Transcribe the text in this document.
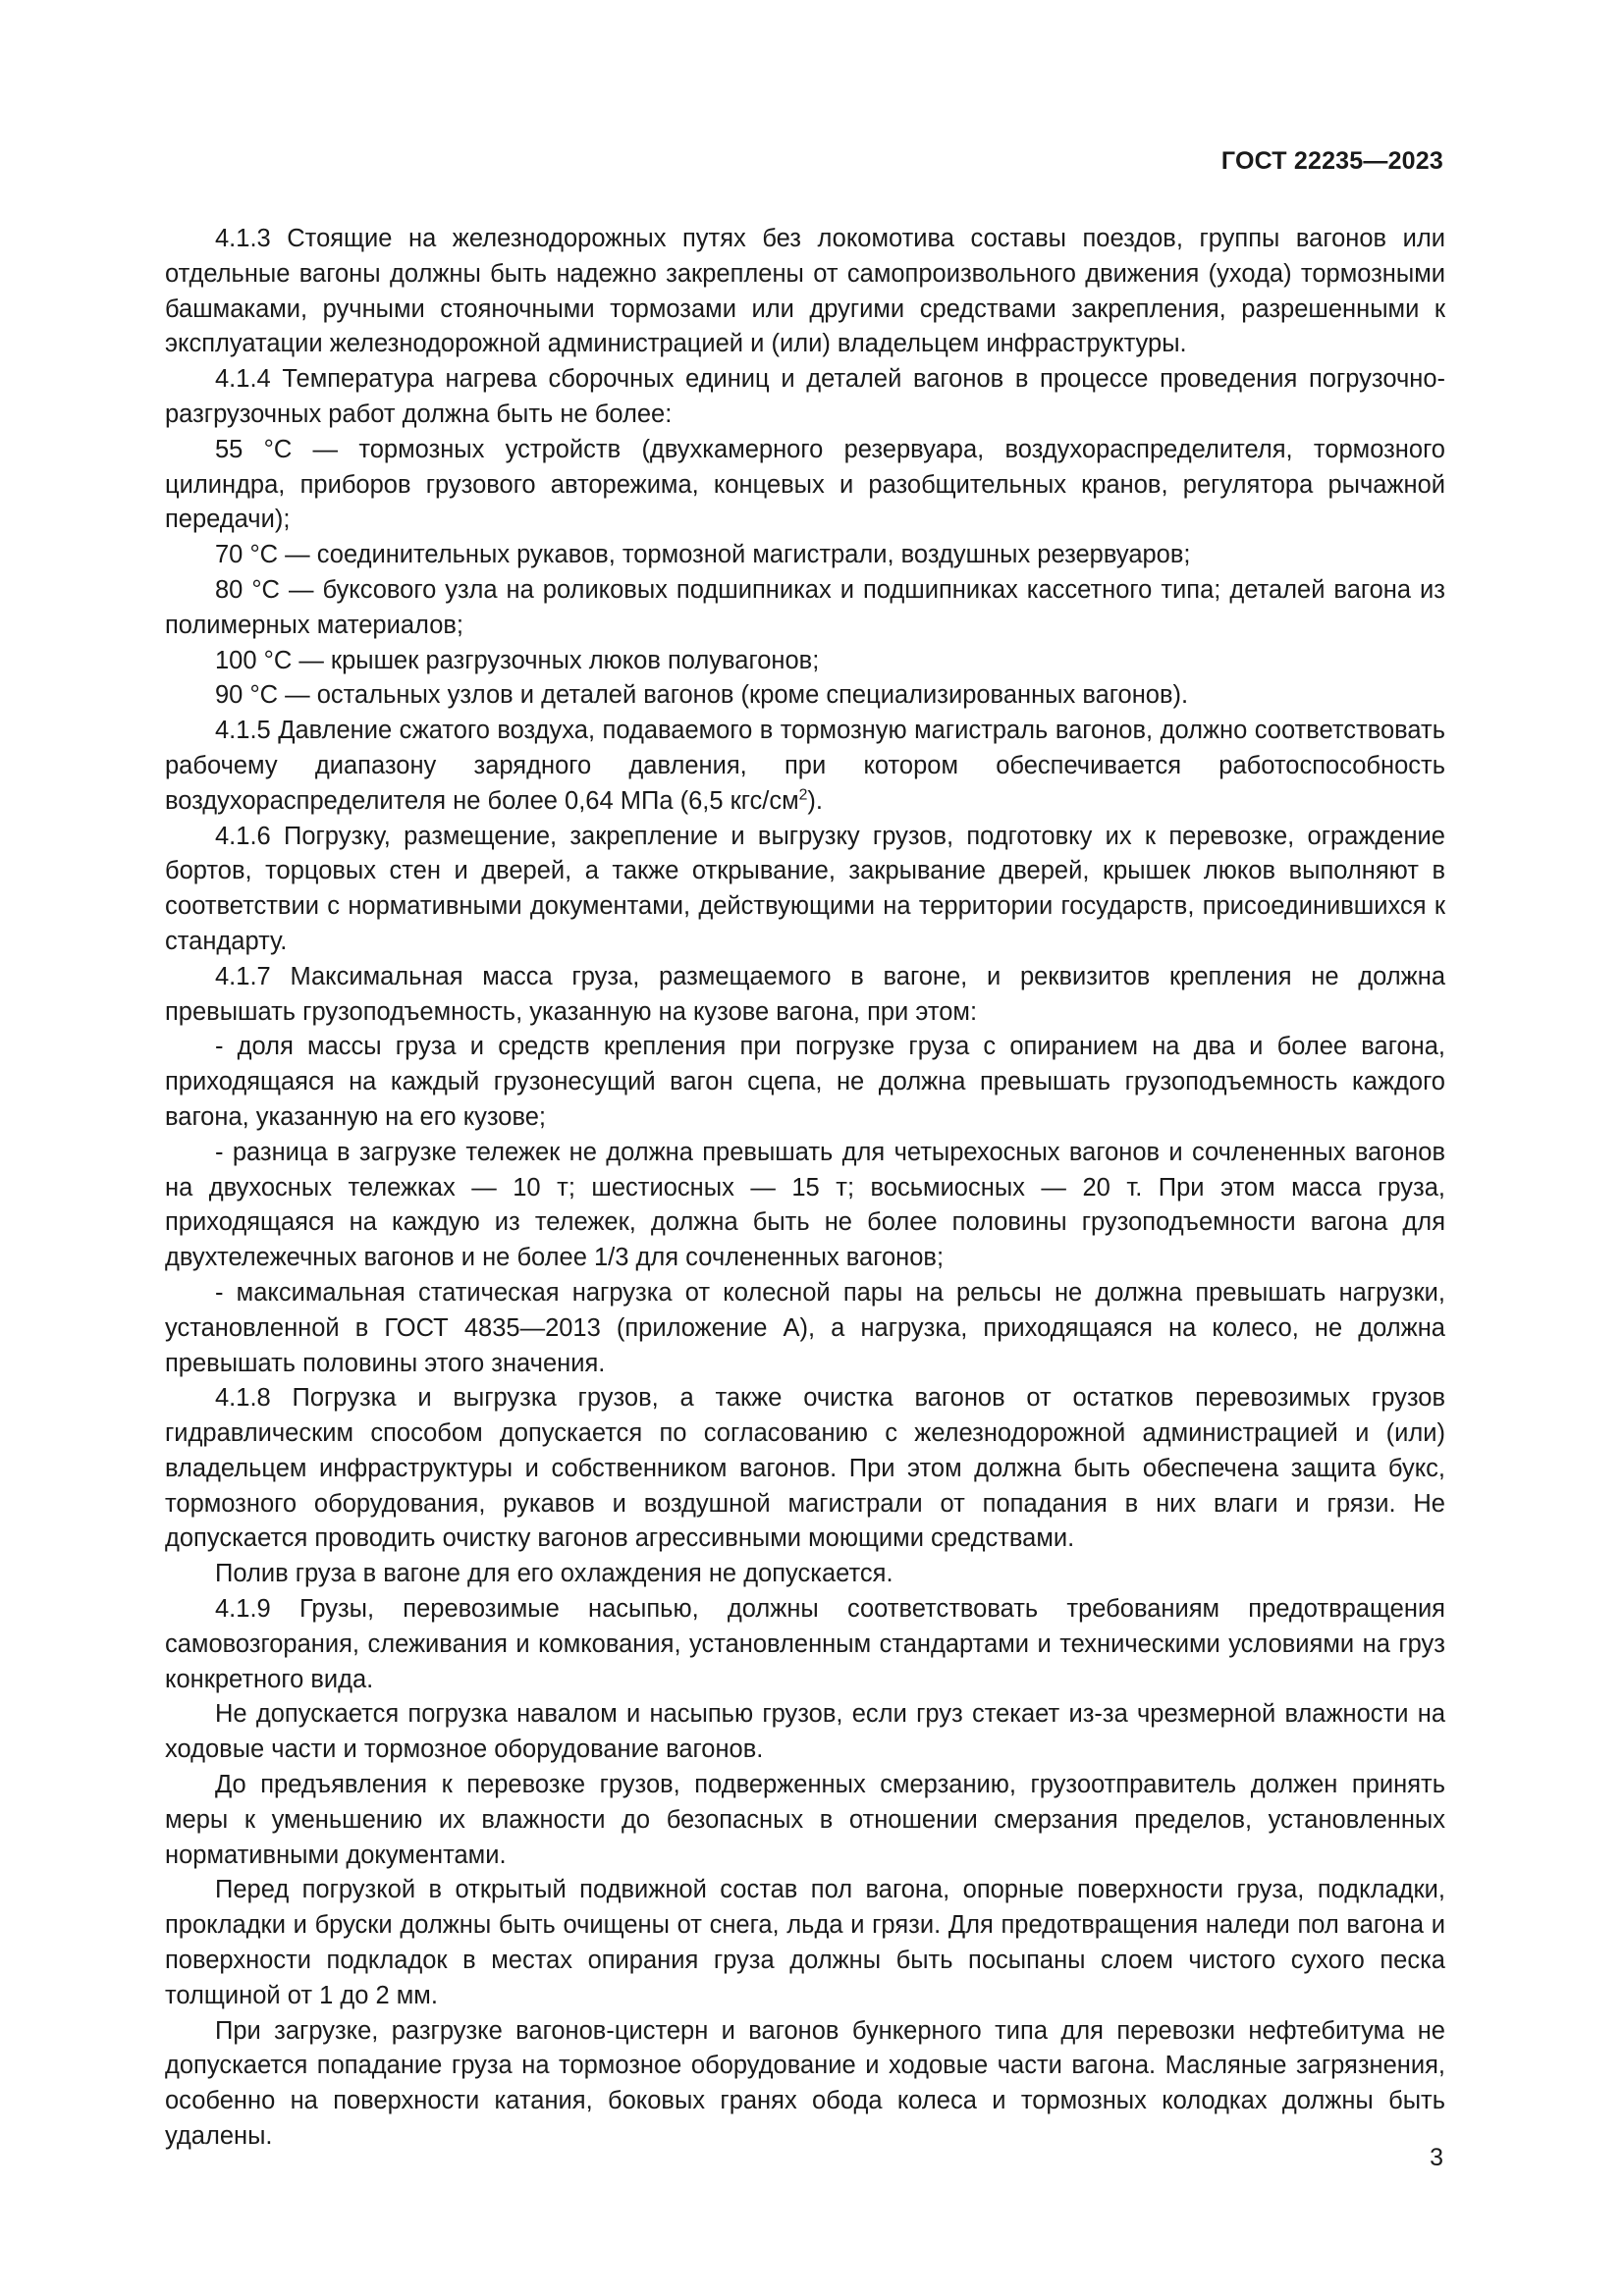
ГОСТ 22235—2023

4.1.3 Стоящие на железнодорожных путях без локомотива составы поездов, группы вагонов или отдельные вагоны должны быть надежно закреплены от самопроизвольного движения (ухода) тормозными башмаками, ручными стояночными тормозами или другими средствами закрепления, разрешенными к эксплуатации железнодорожной администрацией и (или) владельцем инфраструктуры.

4.1.4 Температура нагрева сборочных единиц и деталей вагонов в процессе проведения погрузочно-разгрузочных работ должна быть не более:

55 °С — тормозных устройств (двухкамерного резервуара, воздухораспределителя, тормозного цилиндра, приборов грузового авторежима, концевых и разобщительных кранов, регулятора рычажной передачи);

70 °С — соединительных рукавов, тормозной магистрали, воздушных резервуаров;

80 °С — буксового узла на роликовых подшипниках и подшипниках кассетного типа; деталей вагона из полимерных материалов;

100 °С — крышек разгрузочных люков полувагонов;

90 °С — остальных узлов и деталей вагонов (кроме специализированных вагонов).

4.1.5 Давление сжатого воздуха, подаваемого в тормозную магистраль вагонов, должно соответствовать рабочему диапазону зарядного давления, при котором обеспечивается работоспособность воздухораспределителя не более 0,64 МПа (6,5 кгс/$см^2$).

4.1.6 Погрузку, размещение, закрепление и выгрузку грузов, подготовку их к перевозке, ограждение бортов, торцовых стен и дверей, а также открывание, закрывание дверей, крышек люков выполняют в соответствии с нормативными документами, действующими на территории государств, присоединившихся к стандарту.

4.1.7 Максимальная масса груза, размещаемого в вагоне, и реквизитов крепления не должна превышать грузоподъемность, указанную на кузове вагона, при этом:

- доля массы груза и средств крепления при погрузке груза с опиранием на два и более вагона, приходящаяся на каждый грузонесущий вагон сцепа, не должна превышать грузоподъемность каждого вагона, указанную на его кузове;

- разница в загрузке тележек не должна превышать для четырехосных вагонов и сочлененных вагонов на двухосных тележках — 10 т; шестиосных — 15 т; восьмиосных — 20 т. При этом масса груза, приходящаяся на каждую из тележек, должна быть не более половины грузоподъемности вагона для двухтележечных вагонов и не более 1/3 для сочлененных вагонов;

- максимальная статическая нагрузка от колесной пары на рельсы не должна превышать нагрузки, установленной в ГОСТ 4835—2013 (приложение А), а нагрузка, приходящаяся на колесо, не должна превышать половины этого значения.

4.1.8 Погрузка и выгрузка грузов, а также очистка вагонов от остатков перевозимых грузов гидравлическим способом допускается по согласованию с железнодорожной администрацией и (или) владельцем инфраструктуры и собственником вагонов. При этом должна быть обеспечена защита букс, тормозного оборудования, рукавов и воздушной магистрали от попадания в них влаги и грязи. Не допускается проводить очистку вагонов агрессивными моющими средствами.

Полив груза в вагоне для его охлаждения не допускается.

4.1.9 Грузы, перевозимые насыпью, должны соответствовать требованиям предотвращения самовозгорания, слеживания и комкования, установленным стандартами и техническими условиями на груз конкретного вида.

Не допускается погрузка навалом и насыпью грузов, если груз стекает из-за чрезмерной влажности на ходовые части и тормозное оборудование вагонов.

До предъявления к перевозке грузов, подверженных смерзанию, грузоотправитель должен принять меры к уменьшению их влажности до безопасных в отношении смерзания пределов, установленных нормативными документами.

Перед погрузкой в открытый подвижной состав пол вагона, опорные поверхности груза, подкладки, прокладки и бруски должны быть очищены от снега, льда и грязи. Для предотвращения наледи пол вагона и поверхности подкладок в местах опирания груза должны быть посыпаны слоем чистого сухого песка толщиной от 1 до 2 мм.

При загрузке, разгрузке вагонов-цистерн и вагонов бункерного типа для перевозки нефтебитума не допускается попадание груза на тормозное оборудование и ходовые части вагона. Масляные загрязнения, особенно на поверхности катания, боковых гранях обода колеса и тормозных колодках должны быть удалены.

3
